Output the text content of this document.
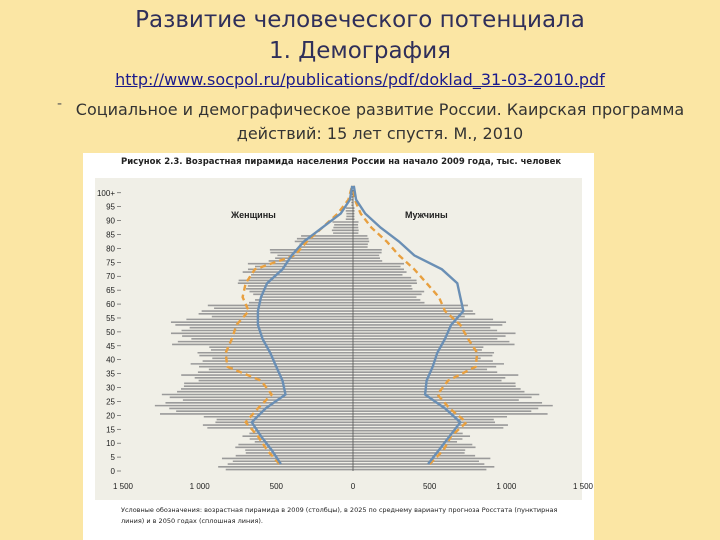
Развитие человеческого потенциала
1. Демография
http://www.socpol.ru/publications/pdf/doklad_31-03-2010.pdf
- Социальное и демографическое развитие России. Каирская программа действий: 15 лет спустя. М., 2010
Рисунок 2.3. Возрастная пирамида населения России на начало 2009 года, тыс. человек
0
5
10
15
20
25
30
35
40
45
50
55
60
65
70
75
80
85
90
95
100+
1 500	1 000	500	0	500	1 000	1 500
Женщины	Мужчины
Условные обозначения: возрастная пирамида в 2009 (столбцы), в 2025 по среднему варианту прогноза Росстата (пунктирная линия) и в 2050 годах (сплошная линия).
